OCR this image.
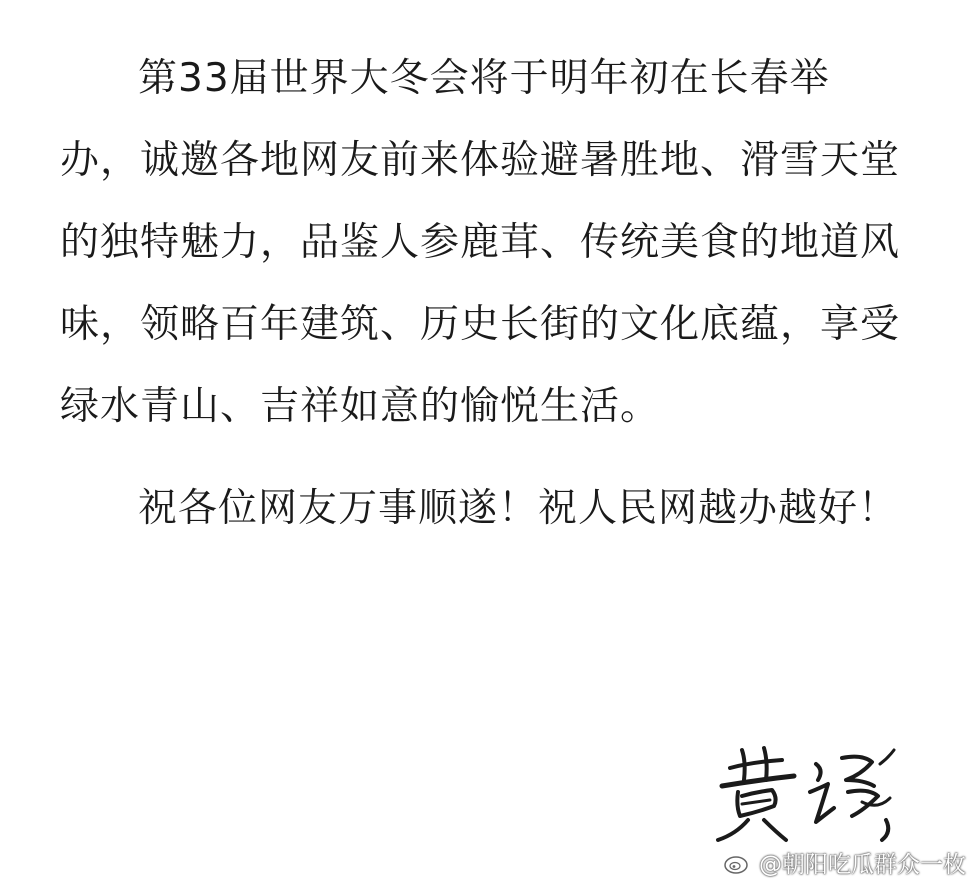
第33届世界大冬会将于明年初在长春举办，诚邀各地网友前来体验避暑胜地、滑雪天堂的独特魅力，品鉴人参鹿茸、传统美食的地道风味，领略百年建筑、历史长街的文化底蕴，享受绿水青山、吉祥如意的愉悦生活。

祝各位网友万事顺遂！祝人民网越办越好！

@朝阳吃瓜群众一枚
